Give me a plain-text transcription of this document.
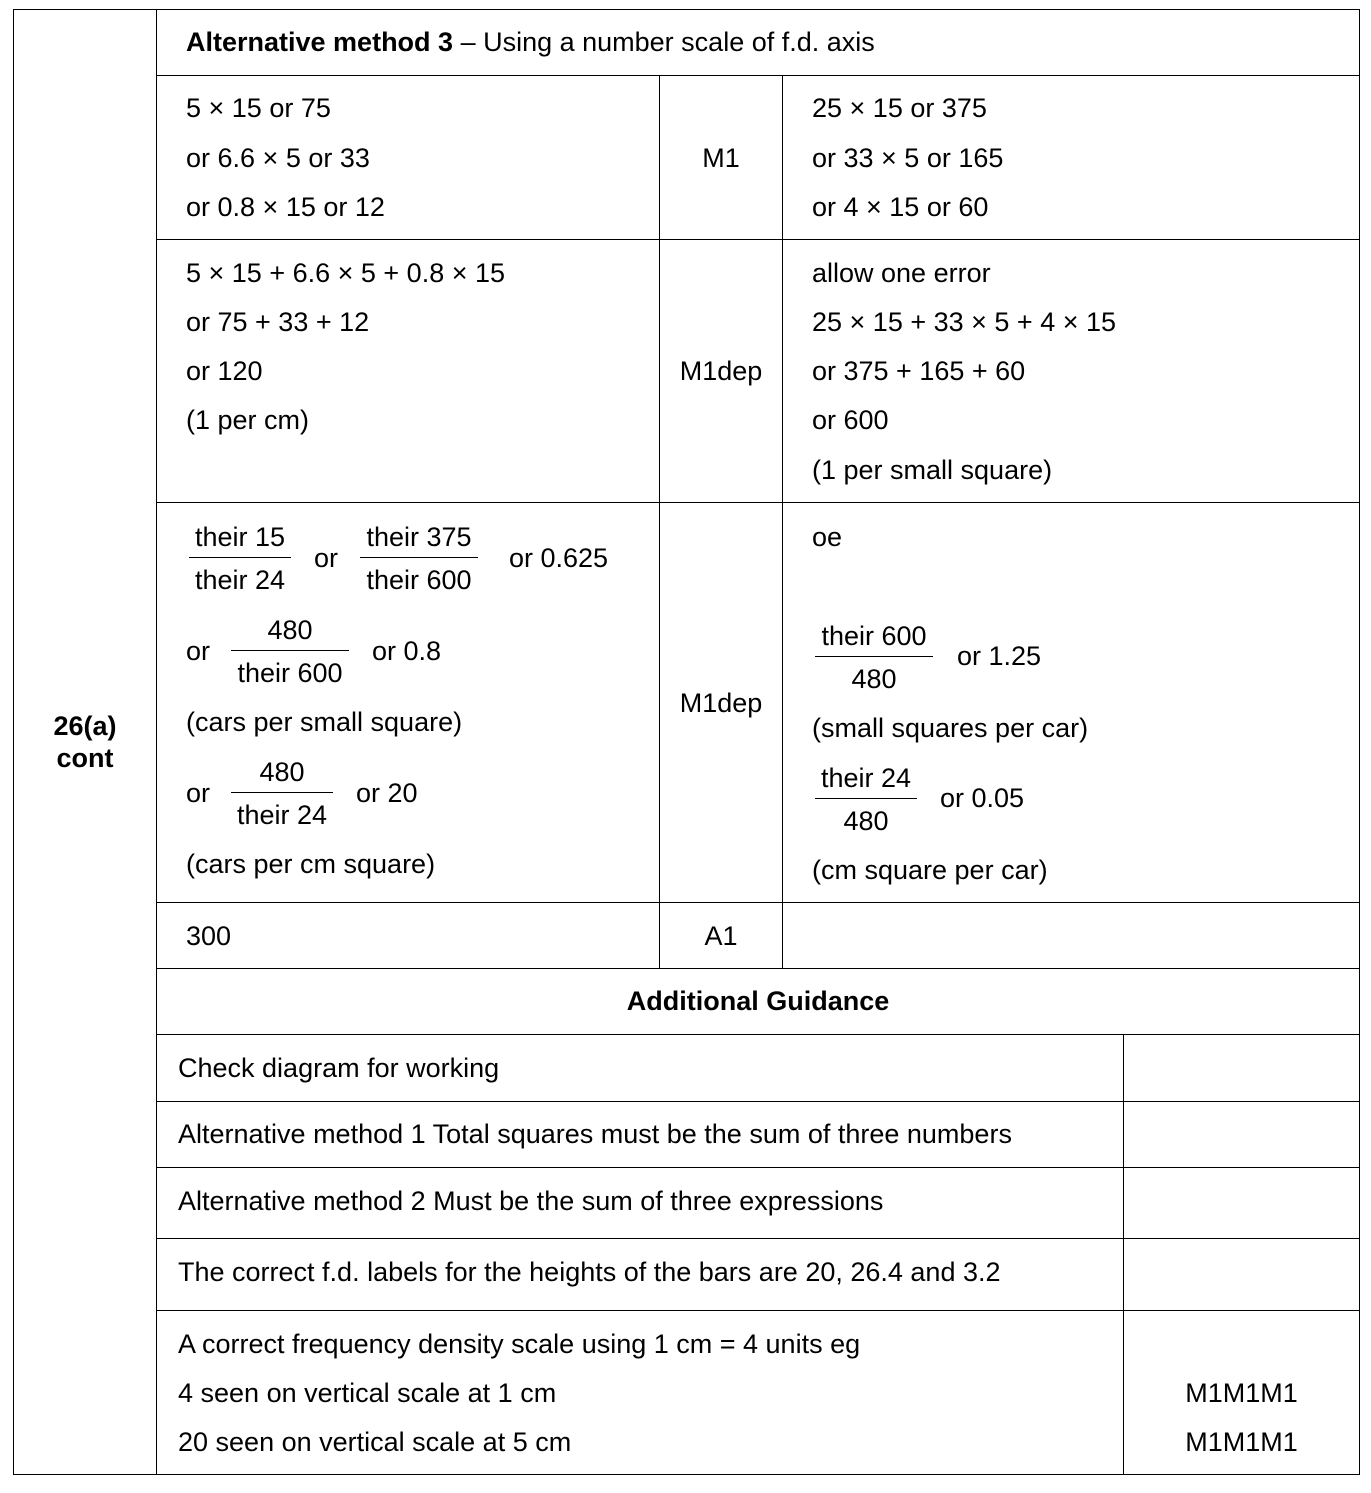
26(a)
cont
Alternative method 3 – Using a number scale of f.d. axis
5 × 15 or 75
or 6.6 × 5 or 33
or 0.8 × 15 or 12
M1
25 × 15 or 375
or 33 × 5 or 165
or 4 × 15 or 60
5 × 15 + 6.6 × 5 + 0.8 × 15
or 75 + 33 + 12
or 120
(1 per cm)
M1dep
allow one error
25 × 15 + 33 × 5 + 4 × 15
or 375 + 165 + 60
or 600
(1 per small square)
their 15
their 24
or
their 375
their 600
or 0.625
or
480
their 600
or 0.8
(cars per small square)
or
480
their 24
or 20
(cars per cm square)
M1dep
oe
their 600
480
or 1.25
(small squares per car)
their 24
480
or 0.05
(cm square per car)
300	A1
Additional Guidance
Check diagram for working
Alternative method 1 Total squares must be the sum of three numbers
Alternative method 2 Must be the sum of three expressions
The correct f.d. labels for the heights of the bars are 20, 26.4 and 3.2
A correct frequency density scale using 1 cm = 4 units eg
4 seen on vertical scale at 1 cm
20 seen on vertical scale at 5 cm
M1M1M1
M1M1M1
